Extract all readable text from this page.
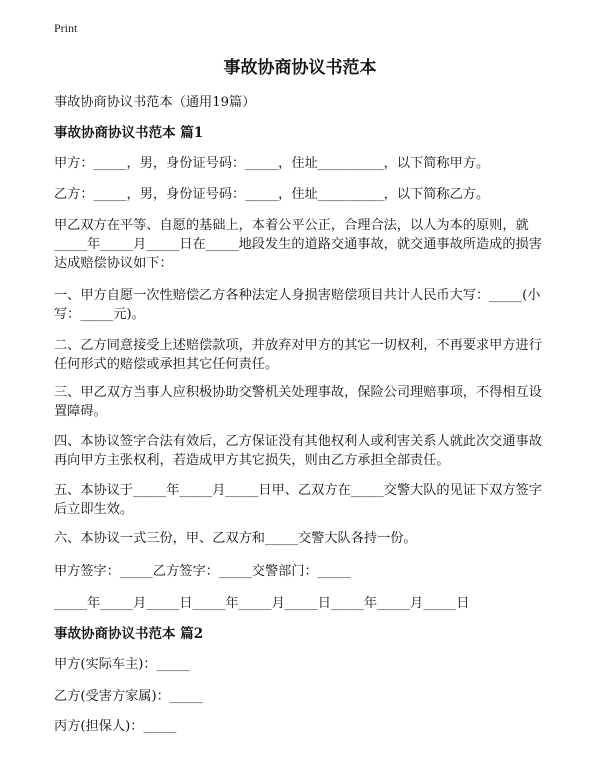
Print
事故协商协议书范本
事故协商协议书范本（通用19篇）
事故协商协议书范本 篇1
甲方：_____，男，身份证号码：_____，住址__________，以下简称甲方。
乙方：_____，男，身份证号码：_____，住址__________，以下简称乙方。
甲乙双方在平等、自愿的基础上，本着公平公正，合理合法，以人为本的原则，就_____年_____月_____日在_____地段发生的道路交通事故，就交通事故所造成的损害达成赔偿协议如下：
一、甲方自愿一次性赔偿乙方各种法定人身损害赔偿项目共计人民币大写：_____(小写：_____元)。
二、乙方同意接受上述赔偿款项，并放弃对甲方的其它一切权利，不再要求甲方进行任何形式的赔偿或承担其它任何责任。
三、甲乙双方当事人应积极协助交警机关处理事故，保险公司理赔事项，不得相互设置障碍。
四、本协议签字合法有效后，乙方保证没有其他权利人或利害关系人就此次交通事故再向甲方主张权利，若造成甲方其它损失，则由乙方承担全部责任。
五、本协议于_____年_____月_____日甲、乙双方在_____交警大队的见证下双方签字后立即生效。
六、本协议一式三份，甲、乙双方和_____交警大队各持一份。
甲方签字：_____乙方签字：_____交警部门：_____
_____年_____月_____日_____年_____月_____日_____年_____月_____日
事故协商协议书范本 篇2
甲方(实际车主)：_____
乙方(受害方家属)：_____
丙方(担保人)：_____
